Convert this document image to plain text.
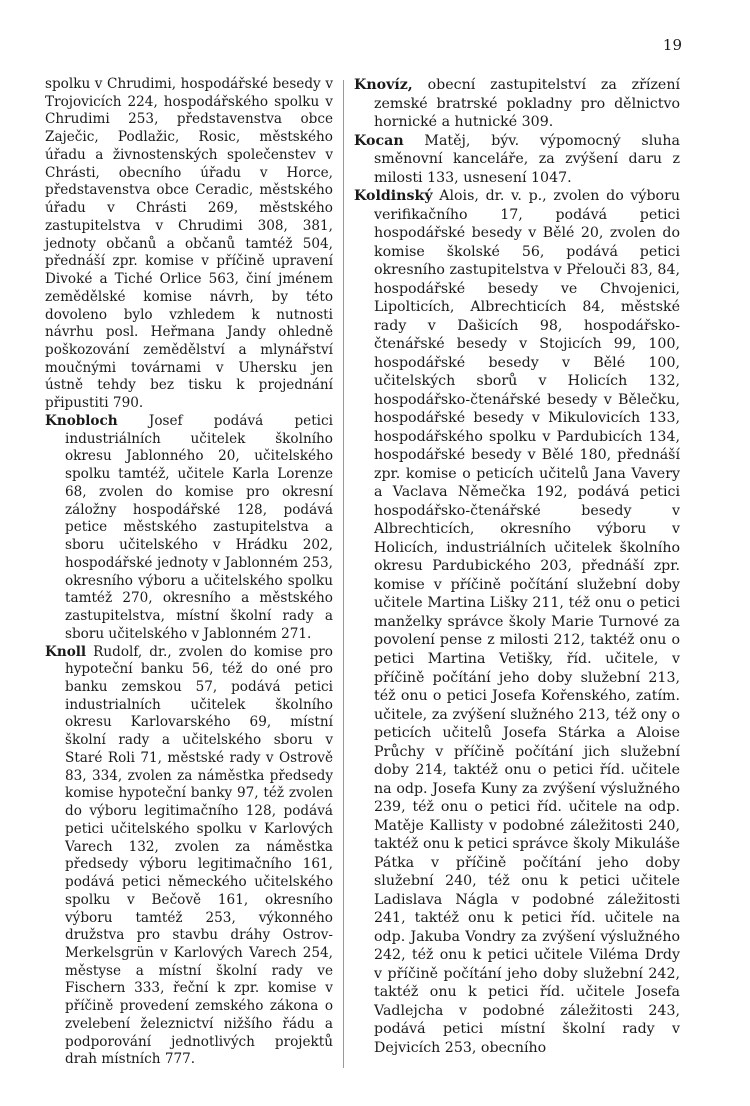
19

spolku v Chrudimi, hospodářské besedy v Trojovicích 224, hospodářského spolku v Chrudimi 253, představenstva obce Zaječic, Podlažic, Rosic, městského úřadu a živnostenských společenstev v Chrásti, obecního úřadu v Horce, představenstva obce Ceradic, městského úřadu v Chrásti 269, městského zastupitelstva v Chrudimi 308, 381, jednoty občanů a občanů tamtéž 504, přednáší zpr. komise v příčině upravení Divoké a Tiché Orlice 563, činí jménem zemědělské komise návrh, by této dovoleno bylo vzhledem k nutnosti návrhu posl. Heřmana Jandy ohledně poškozování zemědělství a mlynářství moučnými továrnami v Uhersku jen ústně tehdy bez tisku k projednání připustiti 790.

Knobloch Josef podává petici industriálních učitelek školního okresu Jablonného 20, učitelského spolku tamtéž, učitele Karla Lorenze 68, zvolen do komise pro okresní záložny hospodářské 128, podává petice městského zastupitelstva a sboru učitelského v Hrádku 202, hospodářské jednoty v Jablonném 253, okresního výboru a učitelského spolku tamtéž 270, okresního a městského zastupitelstva, místní školní rady a sboru učitelského v Jablonném 271.

Knoll Rudolf, dr., zvolen do komise pro hypoteční banku 56, též do oné pro banku zemskou 57, podává petici industrialních učitelek školního okresu Karlovarského 69, místní školní rady a učitelského sboru v Staré Roli 71, městské rady v Ostrově 83, 334, zvolen za náměstka předsedy komise hypoteční banky 97, též zvolen do výboru legitimačního 128, podává petici učitelského spolku v Karlových Varech 132, zvolen za náměstka předsedy výboru legitimačního 161, podává petici německého učitelského spolku v Bečově 161, okresního výboru tamtéž 253, výkonného družstva pro stavbu dráhy Ostrov-Merkelsgrün v Karlových Varech 254, městyse a místní školní rady ve Fischern 333, řeční k zpr. komise v příčině provedení zemského zákona o zvelebení železnictví nižšího řádu a podporování jednotlivých projektů drah místních 777.

Knovíz, obecní zastupitelství za zřízení zemské bratrské pokladny pro dělnictvo hornické a hutnické 309.

Kocan Matěj, býv. výpomocný sluha směnovní kanceláře, za zvýšení daru z milosti 133, usnesení 1047.

Koldinský Alois, dr. v. p., zvolen do výboru verifikačního 17, podává petici hospodářské besedy v Bělé 20, zvolen do komise školské 56, podává petici okresního zastupitelstva v Přelouči 83, 84, hospodářské besedy ve Chvojenici, Lipolticích, Albrechticích 84, městské rady v Dašicích 98, hospodářsko-čtenářské besedy v Stojicích 99, 100, hospodářské besedy v Bělé 100, učitelských sborů v Holicích 132, hospodářsko-čtenářské besedy v Bělečku, hospodářské besedy v Mikulovicích 133, hospodářského spolku v Pardubicích 134, hospodářské besedy v Bělé 180, přednáší zpr. komise o peticích učitelů Jana Vavery a Vaclava Němečka 192, podává petici hospodářsko-čtenářské besedy v Albrechticích, okresního výboru v Holicích, industriálních učitelek školního okresu Pardubického 203, přednáší zpr. komise v příčině počítání služební doby učitele Martina Lišky 211, též onu o petici manželky správce školy Marie Turnové za povolení pense z milosti 212, taktéž onu o petici Martina Vetišky, říd. učitele, v příčině počítání jeho doby služební 213, též onu o petici Josefa Kořenského, zatím. učitele, za zvýšení služného 213, též ony o peticích učitelů Josefa Stárka a Aloise Průchy v příčině počítání jich služební doby 214, taktéž onu o petici říd. učitele na odp. Josefa Kuny za zvýšení výslužného 239, též onu o petici říd. učitele na odp. Matěje Kallisty v podobné záležitosti 240, taktéž onu k petici správce školy Mikuláše Pátka v příčině počítání jeho doby služební 240, též onu k petici učitele Ladislava Nágla v podobné záležitosti 241, taktéž onu k petici říd. učitele na odp. Jakuba Vondry za zvýšení výslužného 242, též onu k petici učitele Viléma Drdy v příčině počítání jeho doby služební 242, taktéž onu k petici říd. učitele Josefa Vadlejcha v podobné záležitosti 243, podává petici místní školní rady v Dejvicích 253, obecního
